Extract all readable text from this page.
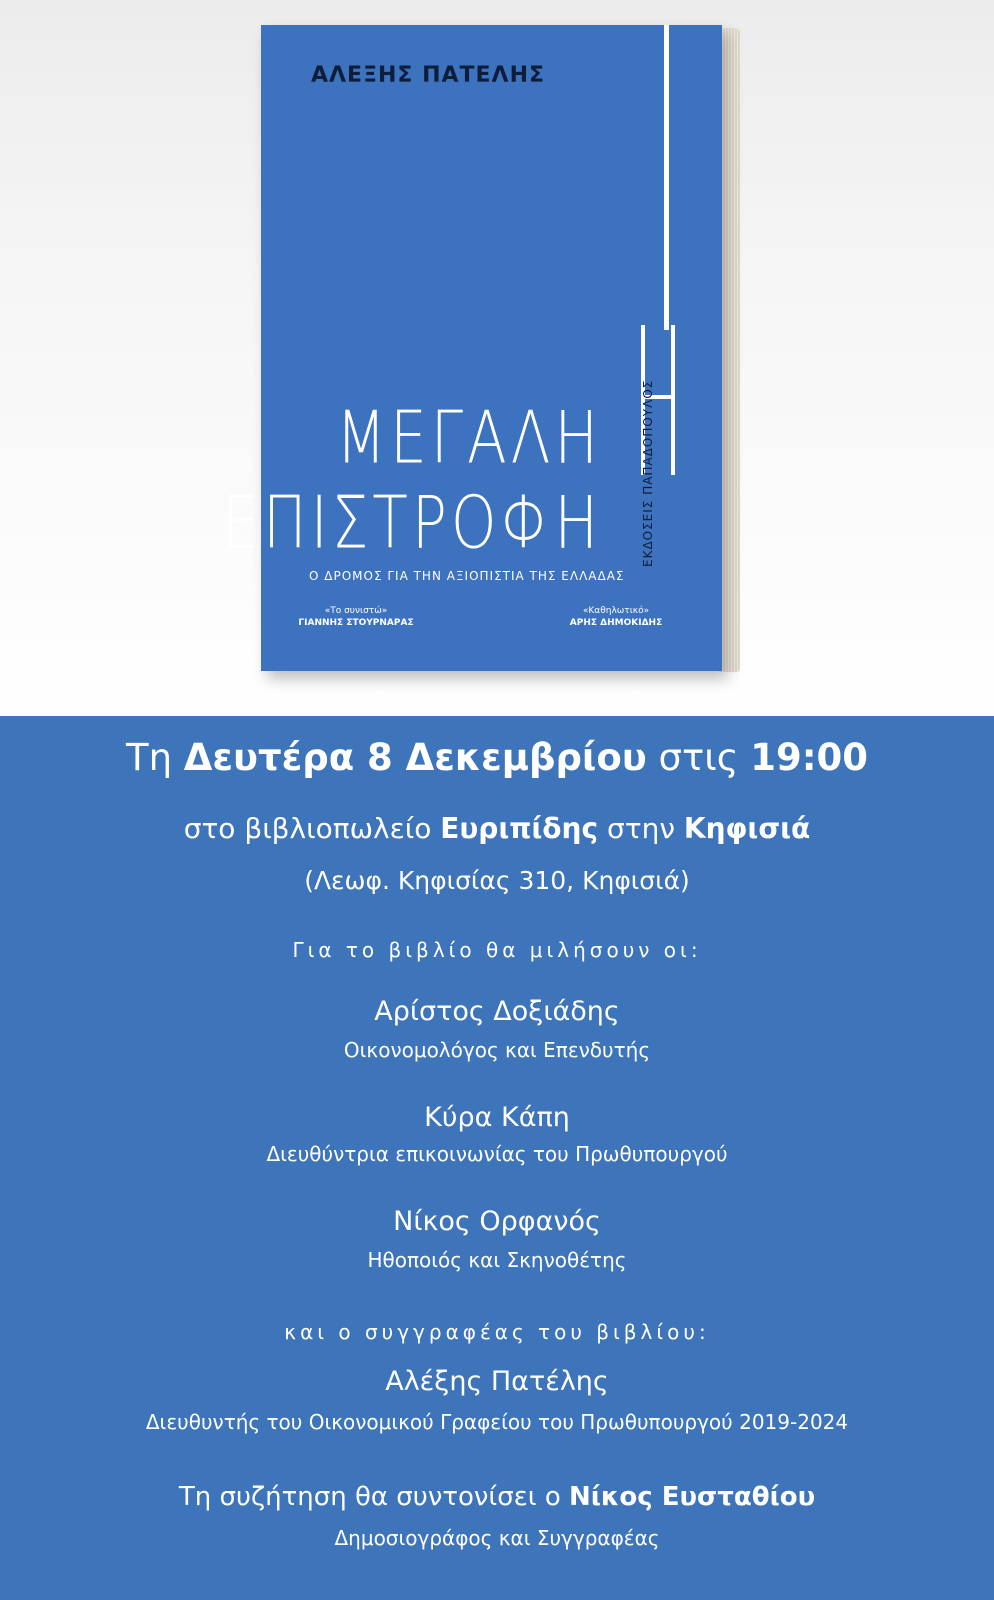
ΑΛΕΞΗΣ ΠΑΤΕΛΗΣ
ΜΕΓΑΛΗ
ΕΠΙΣΤΡΟΦΗ	ΕΚΔΟΣΕΙΣ ΠΑΠΑΔΟΠΟΥΛΟΣ
Ο ΔΡΟΜΟΣ ΓΙΑ ΤΗΝ ΑΞΙΟΠΙΣΤΙΑ ΤΗΣ ΕΛΛΑΔΑΣ
«Το συνιστώ»
ΓΙΑΝΝΗΣ ΣΤΟΥΡΝΑΡΑΣ
«Καθηλωτικό»
ΑΡΗΣ ΔΗΜΟΚΙΔΗΣ
Τη Δευτέρα 8 Δεκεμβρίου στις 19:00
στο βιβλιοπωλείο Ευριπίδης στην Κηφισιά
(Λεωφ. Κηφισίας 310, Κηφισιά)
Για το βιβλίο θα μιλήσουν οι:
Αρίστος Δοξιάδης
Οικονομολόγος και Επενδυτής
Κύρα Κάπη
Διευθύντρια επικοινωνίας του Πρωθυπουργού
Νίκος Ορφανός
Ηθοποιός και Σκηνοθέτης
και ο συγγραφέας του βιβλίου:
Αλέξης Πατέλης
Διευθυντής του Οικονομικού Γραφείου του Πρωθυπουργού 2019-2024
Τη συζήτηση θα συντονίσει ο Νίκος Ευσταθίου
Δημοσιογράφος και Συγγραφέας
